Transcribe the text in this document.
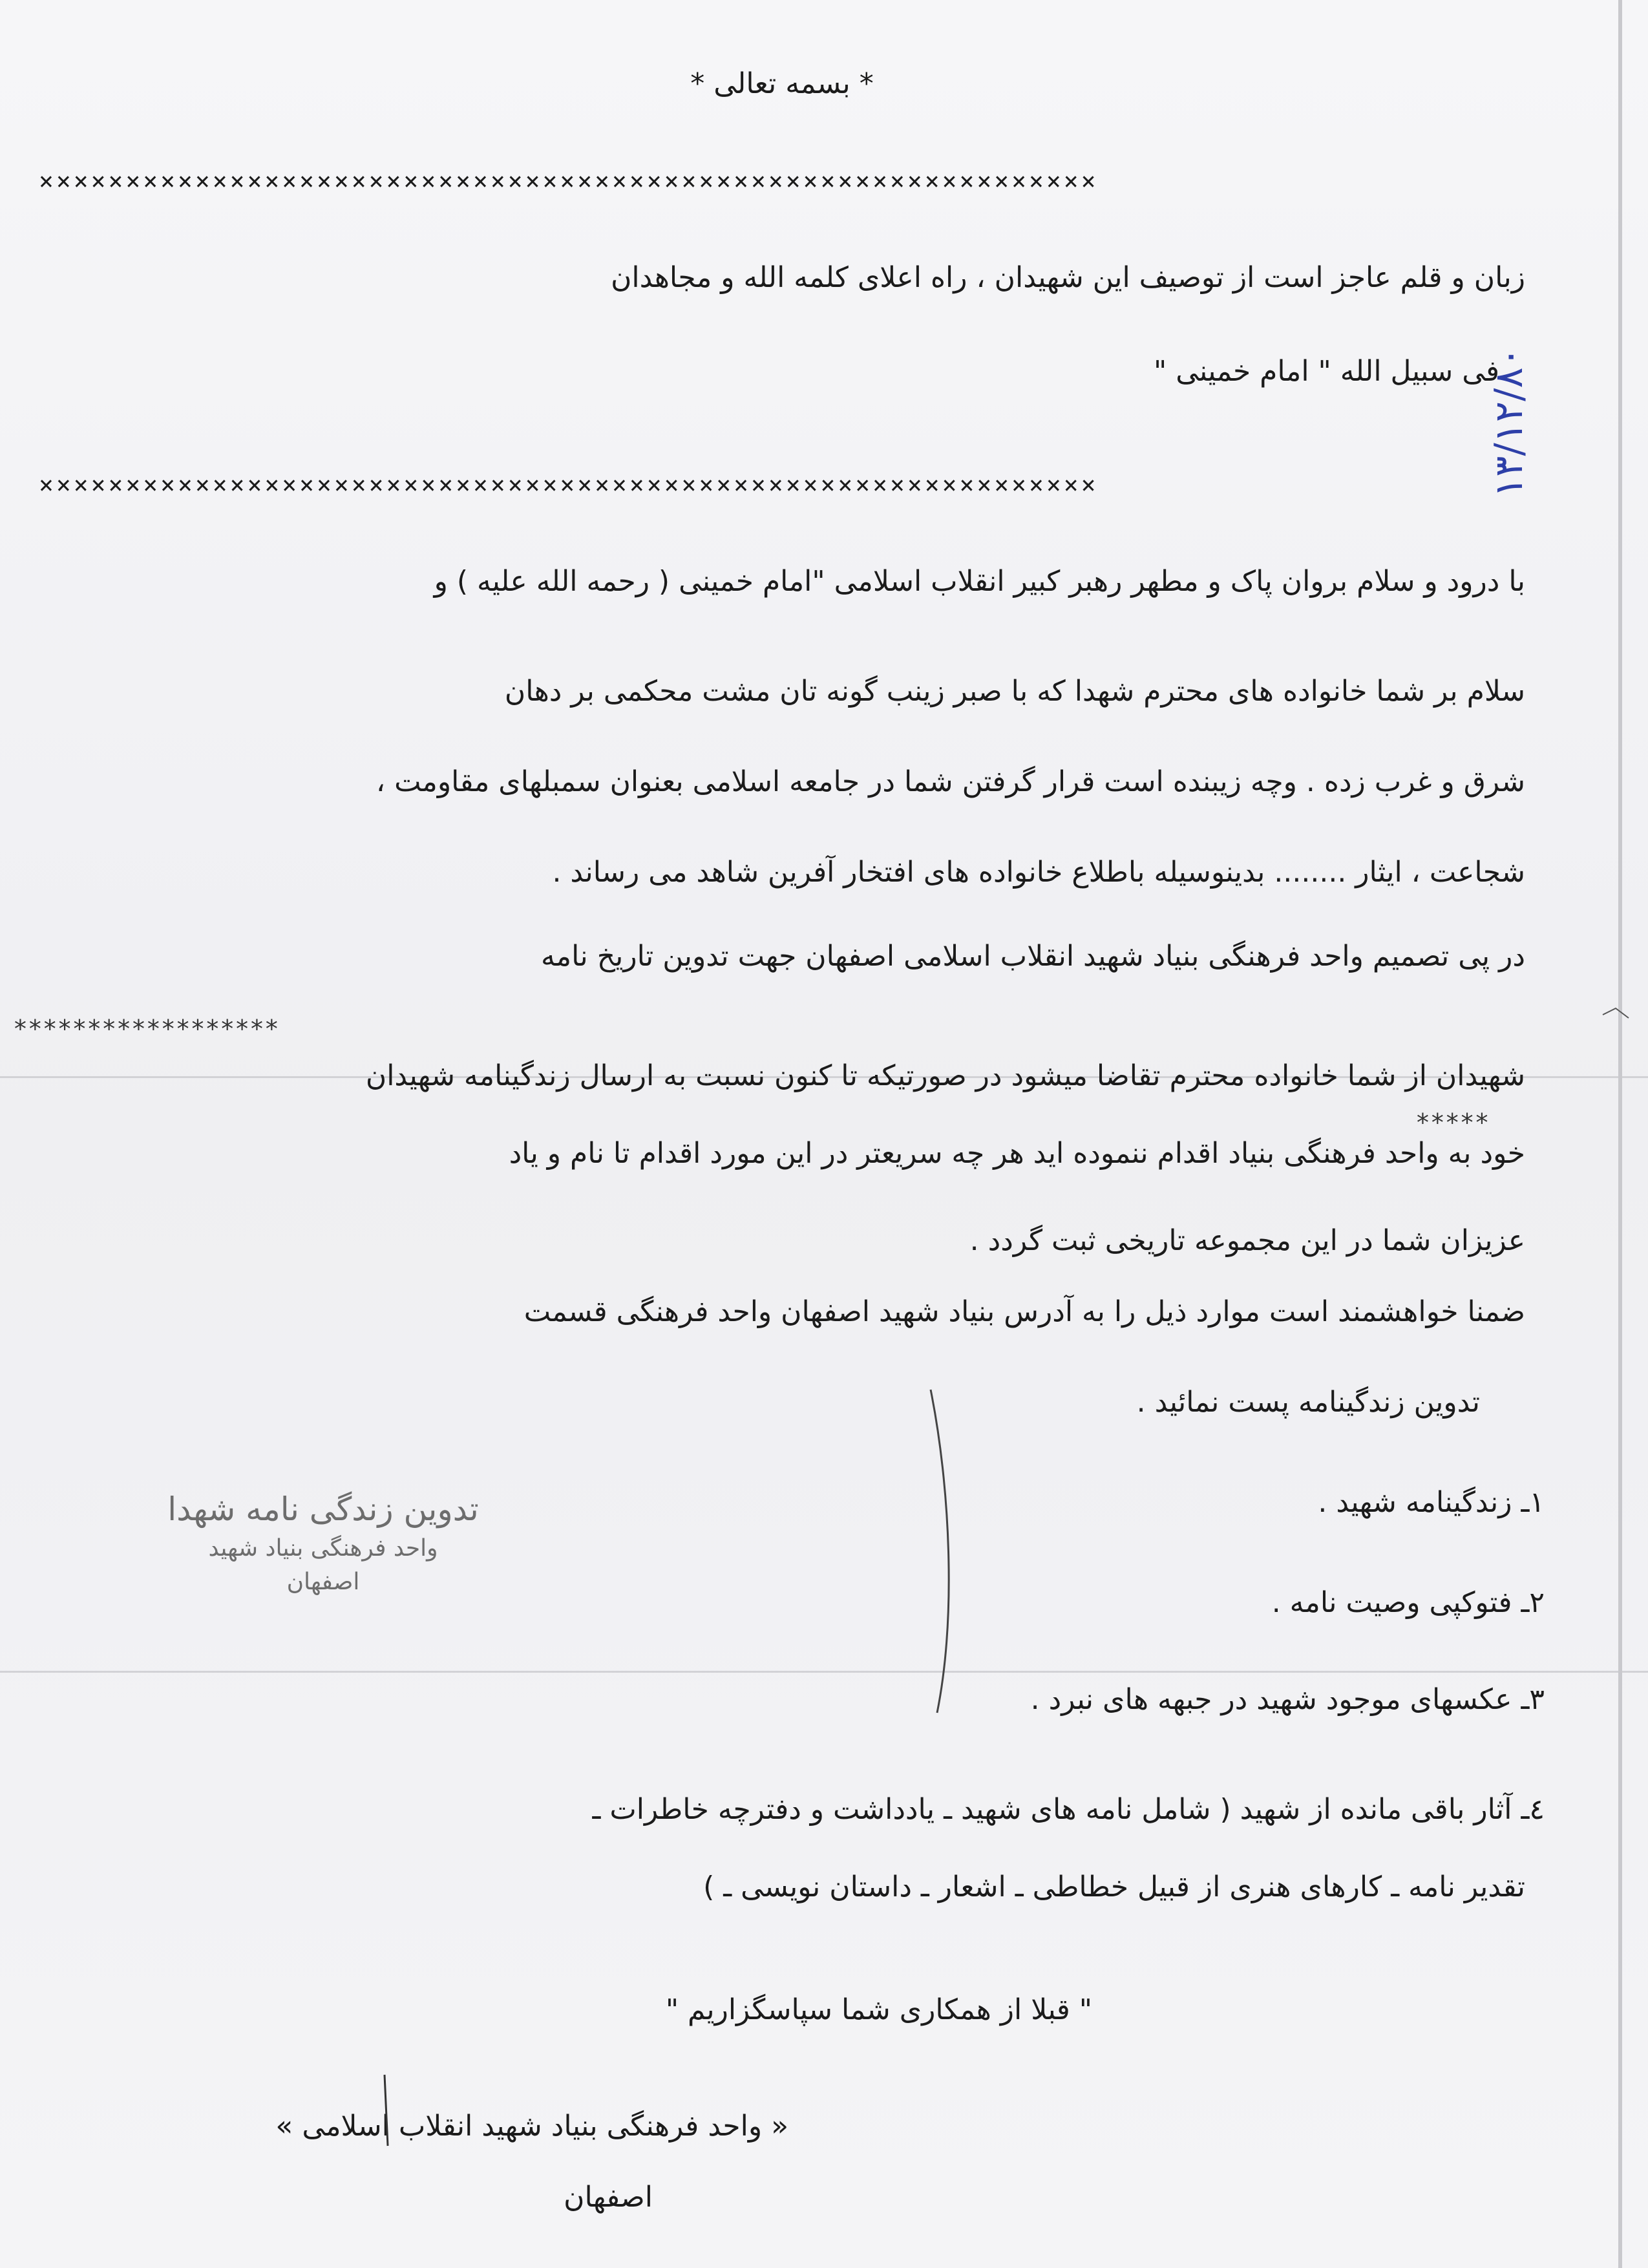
* بسمه تعالی *
×××××××××××××××××××××××××××××××××××××××××××××××××××××××××××××
زبان و قلم عاجز است از توصیف این شهیدان ، راه اعلای کلمه الله و مجاهدان
فی سبیل الله " امام خمینی "
×××××××××××××××××××××××××××××××××××××××××××××××××××××××××××××
با درود و سلام بروان پاک و مطهر رهبر کبیر انقلاب اسلامی "امام خمینی ( رحمه الله علیه ) و
سلام بر شما خانواده های محترم شهدا که با صبر زینب گونه تان مشت محکمی بر دهان
شرق و غرب زده . وچه زیبنده است قرار گرفتن شما در جامعه اسلامی بعنوان سمبلهای مقاومت ،
شجاعت ، ایثار ........ بدینوسیله باطلاع خانواده های افتخار آفرین شاهد می رساند .
در پی تصمیم واحد فرهنگی بنیاد شهید انقلاب اسلامی اصفهان جهت تدوین تاریخ نامه
******************
شهیدان از شما خانواده محترم تقاضا میشود در صورتیکه تا کنون نسبت به ارسال زندگینامه شهیدان
*****
خود به واحد فرهنگی بنیاد اقدام ننموده اید هر چه سریعتر در این مورد اقدام تا نام و یاد
عزیزان شما در این مجموعه تاریخی ثبت گردد .
ضمنا خواهشمند است موارد ذیل را به آدرس بنیاد شهید اصفهان واحد فرهنگی قسمت
تدوین زندگینامه پست نمائید .
١ـ زندگینامه شهید .
٢ـ فتوکپی وصیت نامه .
٣ـ عکسهای موجود شهید در جبهه های نبرد .
٤ـ آثار باقی مانده از شهید ( شامل نامه های شهید ـ یادداشت و دفترچه خاطرات ـ
تقدیر نامه ـ کارهای هنری از قبیل خطاطی ـ اشعار ـ داستان نویسی ـ )
تدوین زندگی نامه شهدا
واحد فرهنگی بنیاد شهید
اصفهان
" قبلا از همکاری شما سپاسگزاریم "
« واحد فرهنگی بنیاد شهید انقلاب اسلامی »
اصفهان
۱۳/۱۲/۸۰
